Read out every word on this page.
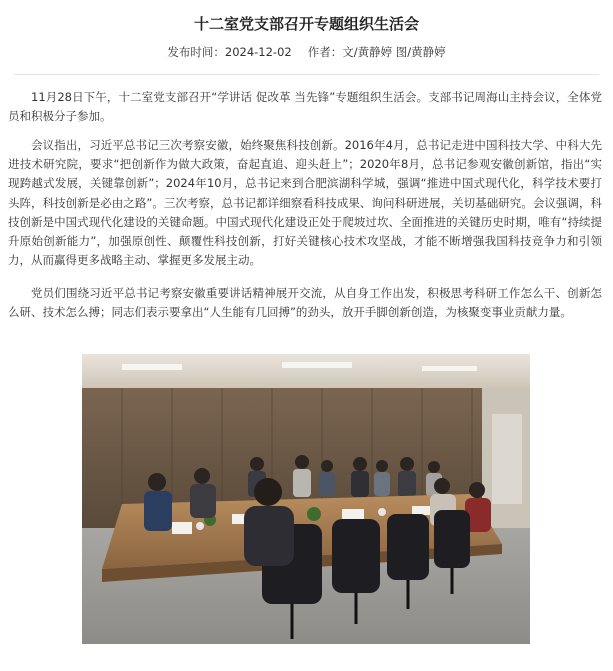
十二室党支部召开专题组织生活会
发布时间：2024-12-02 作者：文/黄静婷 图/黄静婷

11月28日下午，十二室党支部召开“学讲话 促改革 当先锋”专题组织生活会。支部书记周海山主持会议，全体党员和积极分子参加。

会议指出，习近平总书记三次考察安徽，始终聚焦科技创新。2016年4月，总书记走进中国科技大学、中科大先进技术研究院，要求“把创新作为做大政策，奋起直追、迎头赶上”；2020年8月，总书记参观安徽创新馆，指出“实现跨越式发展，关键靠创新”；2024年10月，总书记来到合肥滨湖科学城，强调“推进中国式现代化，科学技术要打头阵，科技创新是必由之路”。三次考察，总书记都详细察看科技成果、询问科研进展，关切基础研究。会议强调，科技创新是中国式现代化建设的关键命题。中国式现代化建设正处于爬坡过坎、全面推进的关键历史时期，唯有“持续提升原始创新能力”，加强原创性、颠覆性科技创新，打好关键核心技术攻坚战，才能不断增强我国科技竞争力和引领力，从而赢得更多战略主动、掌握更多发展主动。

党员们围绕习近平总书记考察安徽重要讲话精神展开交流，从自身工作出发，积极思考科研工作怎么干、创新怎么研、技术怎么搏；同志们表示要拿出“人生能有几回搏”的劲头，放开手脚创新创造，为核聚变事业贡献力量。
